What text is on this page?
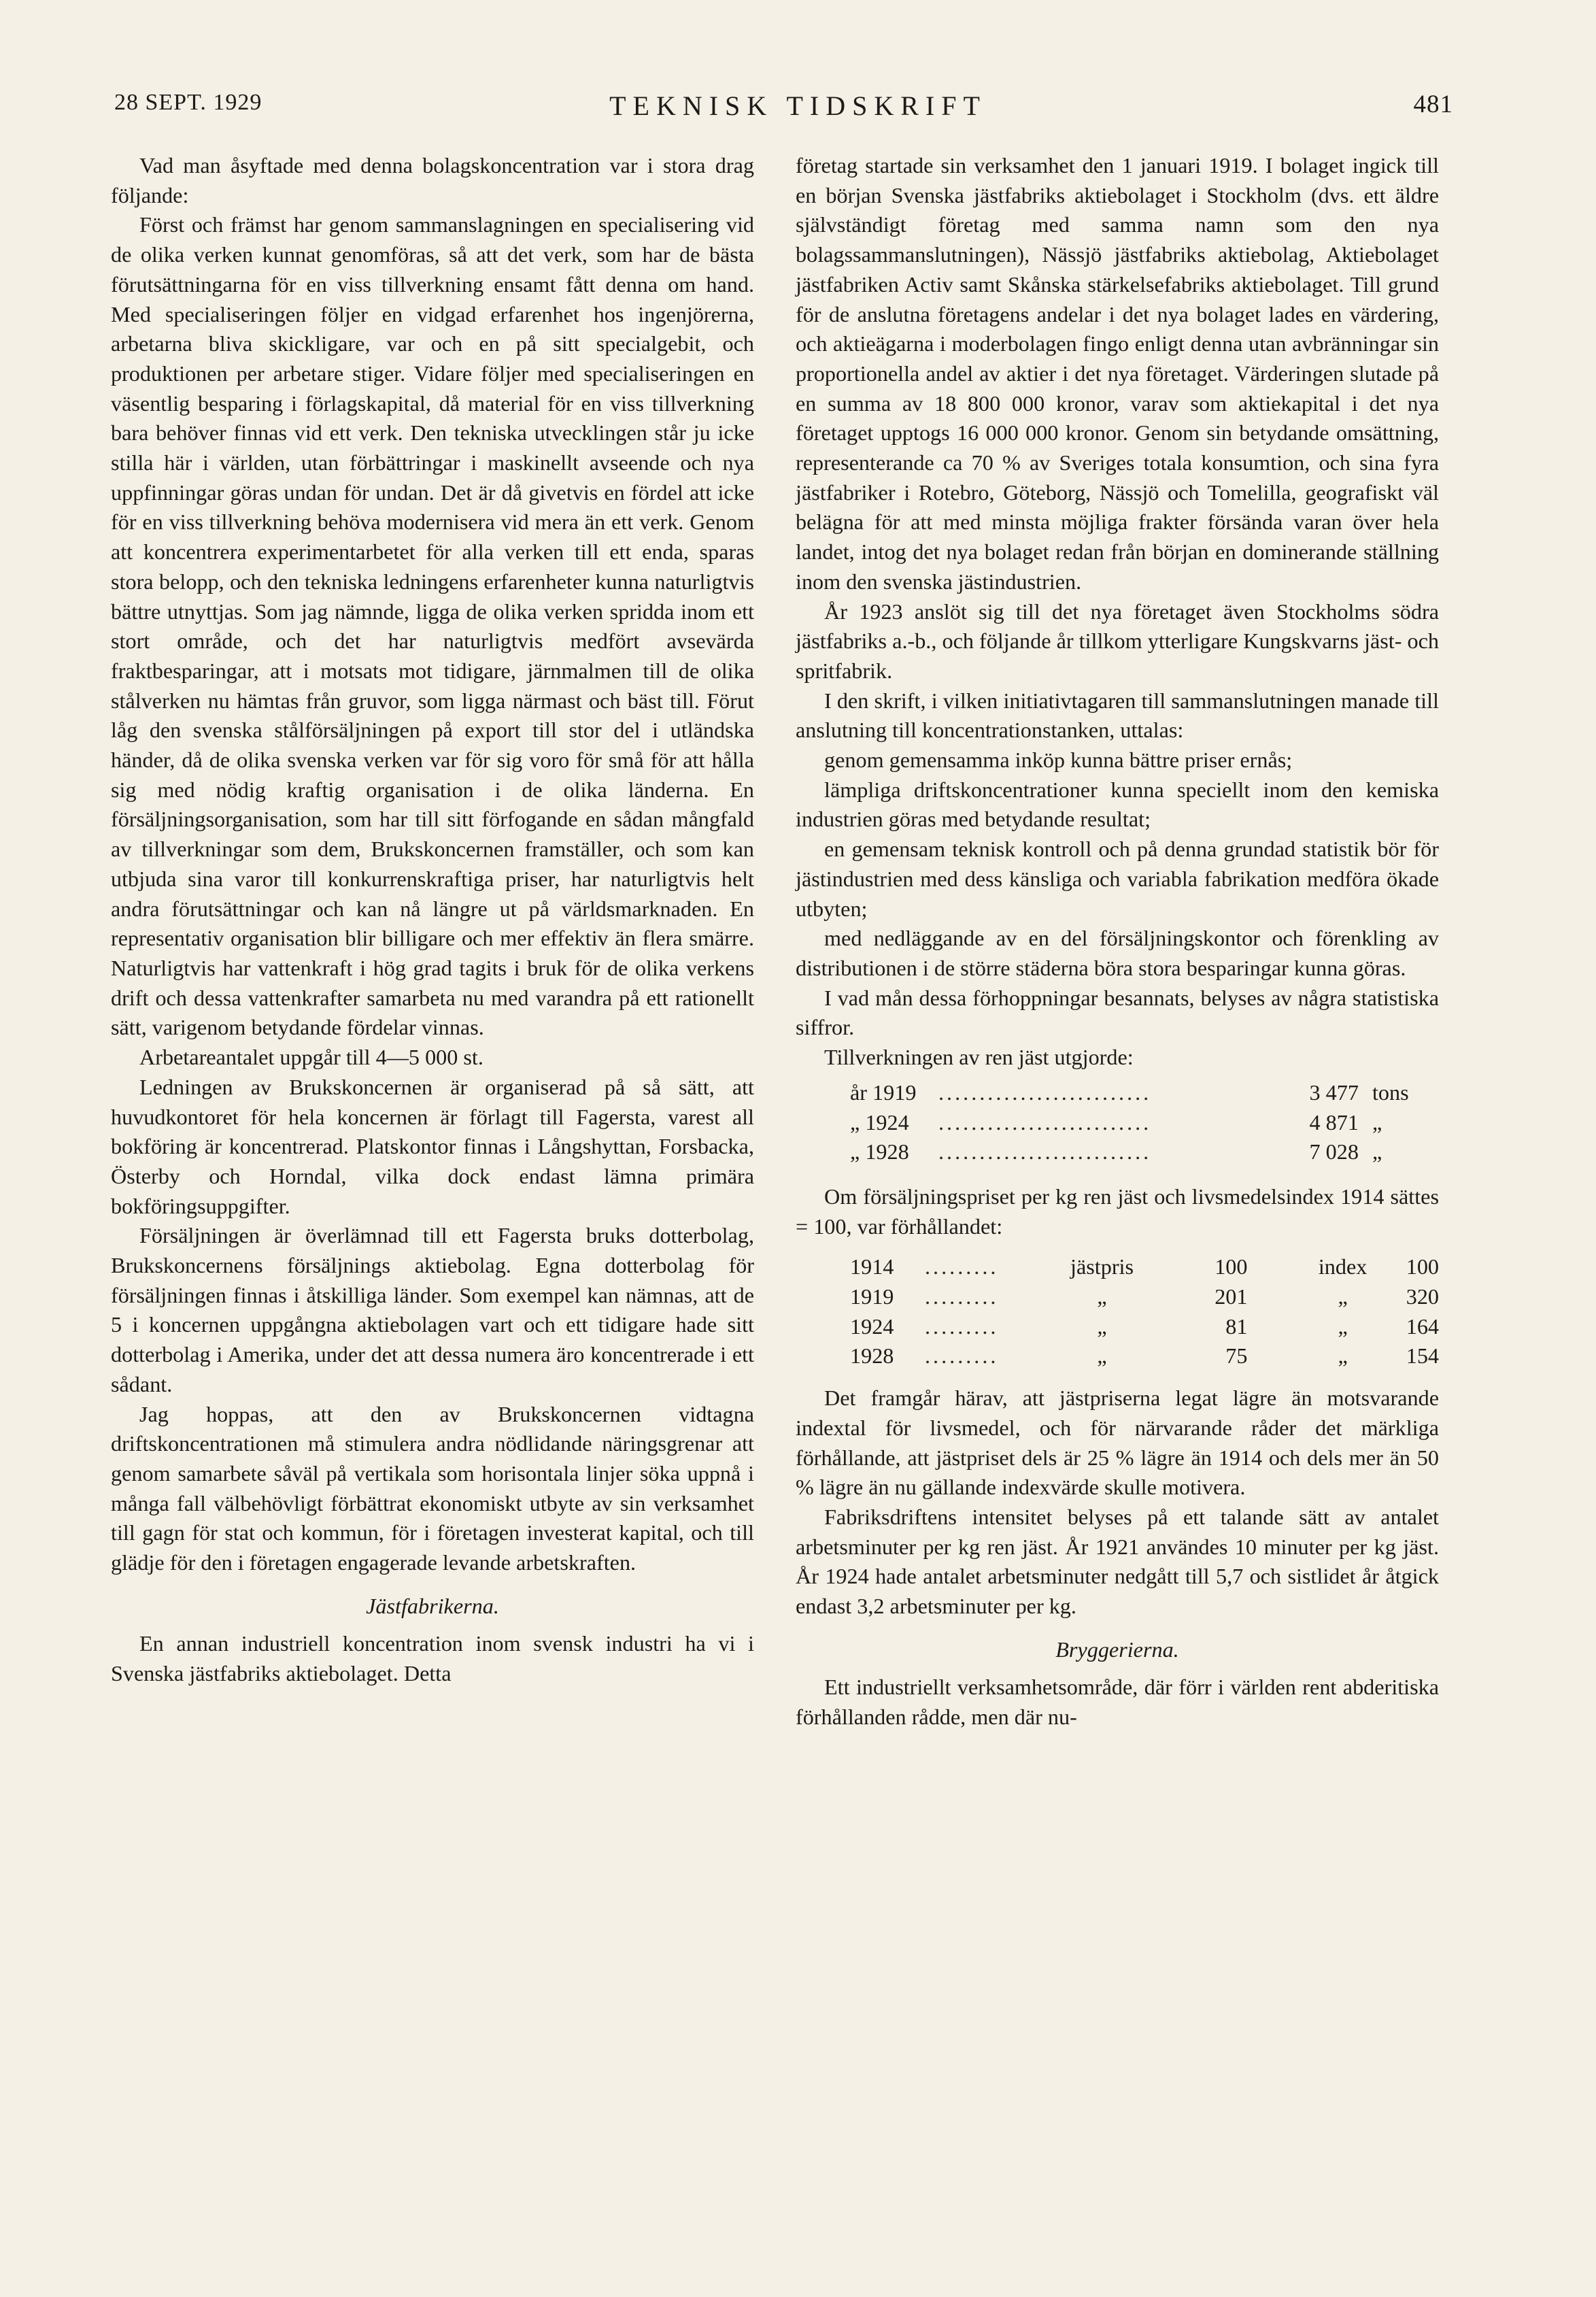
28 SEPT. 1929	TEKNISK TIDSKRIFT	481

Vad man åsyftade med denna bolagskoncentration var i stora drag följande:

Först och främst har genom sammanslagningen en specialisering vid de olika verken kunnat genomföras, så att det verk, som har de bästa förutsättningarna för en viss tillverkning ensamt fått denna om hand. Med specialiseringen följer en vidgad erfarenhet hos ingenjörerna, arbetarna bliva skickligare, var och en på sitt specialgebit, och produktionen per arbetare stiger. Vidare följer med specialiseringen en väsentlig besparing i förlagskapital, då material för en viss tillverkning bara behöver finnas vid ett verk. Den tekniska utvecklingen står ju icke stilla här i världen, utan förbättringar i maskinellt avseende och nya uppfinningar göras undan för undan. Det är då givetvis en fördel att icke för en viss tillverkning behöva modernisera vid mera än ett verk. Genom att koncentrera experimentarbetet för alla verken till ett enda, sparas stora belopp, och den tekniska ledningens erfarenheter kunna naturligtvis bättre utnyttjas. Som jag nämnde, ligga de olika verken spridda inom ett stort område, och det har naturligtvis medfört avsevärda fraktbesparingar, att i motsats mot tidigare, järnmalmen till de olika stålverken nu hämtas från gruvor, som ligga närmast och bäst till. Förut låg den svenska stålförsäljningen på export till stor del i utländska händer, då de olika svenska verken var för sig voro för små för att hålla sig med nödig kraftig organisation i de olika länderna. En försäljningsorganisation, som har till sitt förfogande en sådan mångfald av tillverkningar som dem, Brukskoncernen framställer, och som kan utbjuda sina varor till konkurrenskraftiga priser, har naturligtvis helt andra förutsättningar och kan nå längre ut på världsmarknaden. En representativ organisation blir billigare och mer effektiv än flera smärre. Naturligtvis har vattenkraft i hög grad tagits i bruk för de olika verkens drift och dessa vattenkrafter samarbeta nu med varandra på ett rationellt sätt, varigenom betydande fördelar vinnas.

Arbetareantalet uppgår till 4—5 000 st.

Ledningen av Brukskoncernen är organiserad på så sätt, att huvudkontoret för hela koncernen är förlagt till Fagersta, varest all bokföring är koncentrerad. Platskontor finnas i Långshyttan, Forsbacka, Österby och Horndal, vilka dock endast lämna primära bokföringsuppgifter.

Försäljningen är överlämnad till ett Fagersta bruks dotterbolag, Brukskoncernens försäljnings aktiebolag. Egna dotterbolag för försäljningen finnas i åtskilliga länder. Som exempel kan nämnas, att de 5 i koncernen uppgångna aktiebolagen vart och ett tidigare hade sitt dotterbolag i Amerika, under det att dessa numera äro koncentrerade i ett sådant.

Jag hoppas, att den av Brukskoncernen vidtagna driftskoncentrationen må stimulera andra nödlidande näringsgrenar att genom samarbete såväl på vertikala som horisontala linjer söka uppnå i många fall välbehövligt förbättrat ekonomiskt utbyte av sin verksamhet till gagn för stat och kommun, för i företagen investerat kapital, och till glädje för den i företagen engagerade levande arbetskraften.

Jästfabrikerna.

En annan industriell koncentration inom svensk industri ha vi i Svenska jästfabriks aktiebolaget. Detta

företag startade sin verksamhet den 1 januari 1919. I bolaget ingick till en början Svenska jästfabriks aktiebolaget i Stockholm (dvs. ett äldre självständigt företag med samma namn som den nya bolagssammanslutningen), Nässjö jästfabriks aktiebolag, Aktiebolaget jästfabriken Activ samt Skånska stärkelsefabriks aktiebolaget. Till grund för de anslutna företagens andelar i det nya bolaget lades en värdering, och aktieägarna i moderbolagen fingo enligt denna utan avbränningar sin proportionella andel av aktier i det nya företaget. Värderingen slutade på en summa av 18 800 000 kronor, varav som aktiekapital i det nya företaget upptogs 16 000 000 kronor. Genom sin betydande omsättning, representerande ca 70 % av Sveriges totala konsumtion, och sina fyra jästfabriker i Rotebro, Göteborg, Nässjö och Tomelilla, geografiskt väl belägna för att med minsta möjliga frakter försända varan över hela landet, intog det nya bolaget redan från början en dominerande ställning inom den svenska jästindustrien.

År 1923 anslöt sig till det nya företaget även Stockholms södra jästfabriks a.-b., och följande år tillkom ytterligare Kungskvarns jäst- och spritfabrik.

I den skrift, i vilken initiativtagaren till sammanslutningen manade till anslutning till koncentrationstanken, uttalas:

genom gemensamma inköp kunna bättre priser ernås;

lämpliga driftskoncentrationer kunna speciellt inom den kemiska industrien göras med betydande resultat;

en gemensam teknisk kontroll och på denna grundad statistik bör för jästindustrien med dess känsliga och variabla fabrikation medföra ökade utbyten;

med nedläggande av en del försäljningskontor och förenkling av distributionen i de större städerna böra stora besparingar kunna göras.

I vad mån dessa förhoppningar besannats, belyses av några statistiska siffror.

Tillverkningen av ren jäst utgjorde:

år 1919	..........................	3 477	tons
„ 1924	..........................	4 871	„
„ 1928	..........................	7 028	„

Om försäljningspriset per kg ren jäst och livsmedelsindex 1914 sättes = 100, var förhållandet:

1914	.........	jästpris	100	index	100
1919	.........	„	201	„	320
1924	.........	„	81	„	164
1928	.........	„	75	„	154

Det framgår härav, att jästpriserna legat lägre än motsvarande indextal för livsmedel, och för närvarande råder det märkliga förhållande, att jästpriset dels är 25 % lägre än 1914 och dels mer än 50 % lägre än nu gällande indexvärde skulle motivera.

Fabriksdriftens intensitet belyses på ett talande sätt av antalet arbetsminuter per kg ren jäst. År 1921 användes 10 minuter per kg jäst. År 1924 hade antalet arbetsminuter nedgått till 5,7 och sistlidet år åtgick endast 3,2 arbetsminuter per kg.

Bryggerierna.

Ett industriellt verksamhetsområde, där förr i världen rent abderitiska förhållanden rådde, men där nu-
